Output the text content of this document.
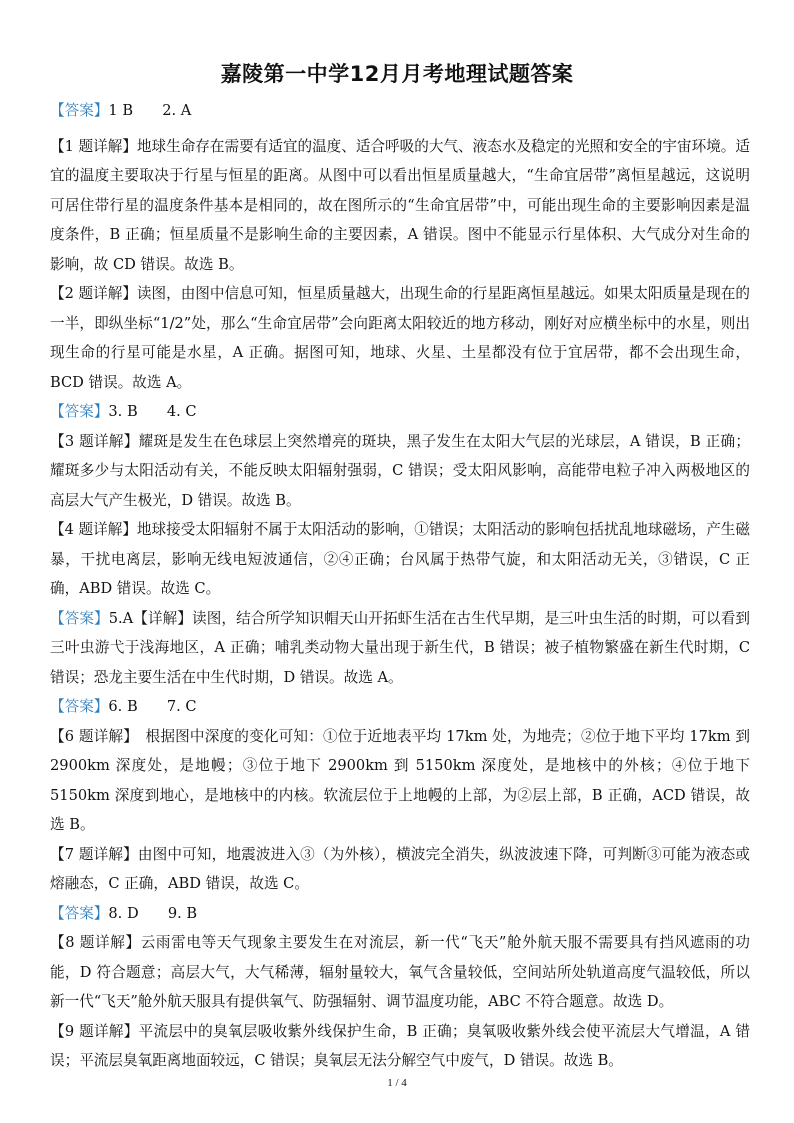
嘉陵第一中学12月月考地理试题答案
【答案】1 B　　2. A

【1 题详解】地球生命存在需要有适宜的温度、适合呼吸的大气、液态水及稳定的光照和安全的宇宙环境。适宜的温度主要取决于行星与恒星的距离。从图中可以看出恒星质量越大，“生命宜居带”离恒星越远，这说明可居住带行星的温度条件基本是相同的，故在图所示的“生命宜居带”中，可能出现生命的主要影响因素是温度条件，B 正确；恒星质量不是影响生命的主要因素，A 错误。图中不能显示行星体积、大气成分对生命的影响，故 CD 错误。故选 B。

【2 题详解】读图，由图中信息可知，恒星质量越大，出现生命的行星距离恒星越远。如果太阳质量是现在的一半，即纵坐标“1/2”处，那么“生命宜居带”会向距离太阳较近的地方移动，刚好对应横坐标中的水星，则出现生命的行星可能是水星，A 正确。据图可知，地球、火星、土星都没有位于宜居带，都不会出现生命，BCD 错误。故选 A。

【答案】3. B　　4. C

【3 题详解】耀斑是发生在色球层上突然增亮的斑块，黑子发生在太阳大气层的光球层，A 错误，B 正确；耀斑多少与太阳活动有关，不能反映太阳辐射强弱，C 错误；受太阳风影响，高能带电粒子冲入两极地区的高层大气产生极光，D 错误。故选 B。

【4 题详解】地球接受太阳辐射不属于太阳活动的影响，①错误；太阳活动的影响包括扰乱地球磁场，产生磁暴，干扰电离层，影响无线电短波通信，②④正确；台风属于热带气旋，和太阳活动无关，③错误，C 正确，ABD 错误。故选 C。

【答案】5.A【详解】读图，结合所学知识帽天山开拓虾生活在古生代早期，是三叶虫生活的时期，可以看到三叶虫游弋于浅海地区，A 正确；哺乳类动物大量出现于新生代，B 错误；被子植物繁盛在新生代时期，C 错误；恐龙主要生活在中生代时期，D 错误。故选 A。
【答案】6. B　　7. C

【6 题详解】　根据图中深度的变化可知：①位于近地表平均 17km 处，为地壳；②位于地下平均 17km 到 2900km 深度处，是地幔；③位于地下 2900km 到 5150km 深度处，是地核中的外核；④位于地下 5150km 深度到地心，是地核中的内核。软流层位于上地幔的上部，为②层上部，B 正确，ACD 错误，故选 B。

【7 题详解】由图中可知，地震波进入③（为外核），横波完全消失，纵波波速下降，可判断③可能为液态或熔融态，C 正确，ABD 错误，故选 C。

【答案】8. D　　9. B

【8 题详解】云雨雷电等天气现象主要发生在对流层，新一代“飞天”舱外航天服不需要具有挡风遮雨的功能，D 符合题意；高层大气，大气稀薄，辐射量较大，氧气含量较低，空间站所处轨道高度气温较低，所以新一代“飞天”舱外航天服具有提供氧气、防强辐射、调节温度功能，ABC 不符合题意。故选 D。

【9 题详解】平流层中的臭氧层吸收紫外线保护生命，B 正确；臭氧吸收紫外线会使平流层大气增温，A 错误；平流层臭氧距离地面较远，C 错误；臭氧层无法分解空气中废气，D 错误。故选 B。

1 / 4
